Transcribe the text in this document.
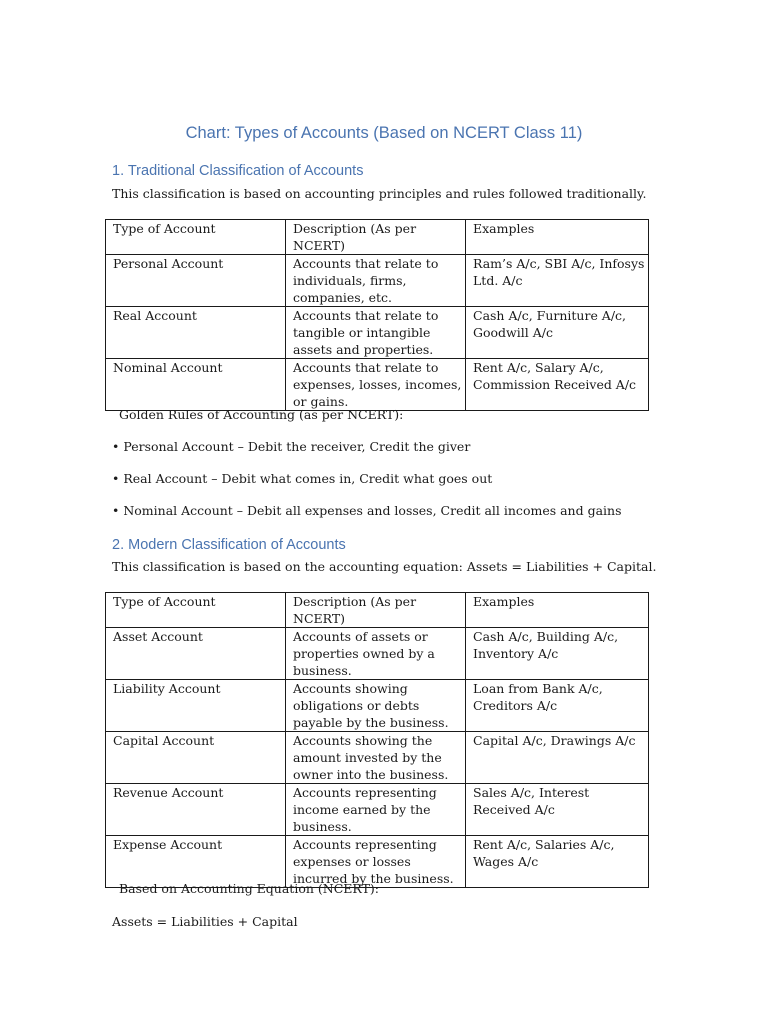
Chart: Types of Accounts (Based on NCERT Class 11)
1. Traditional Classification of Accounts
This classification is based on accounting principles and rules followed traditionally.
Type of Account	Description (As per NCERT)	Examples
Personal Account	Accounts that relate to individuals, firms, companies, etc.	Ram’s A/c, SBI A/c, Infosys Ltd. A/c
Real Account	Accounts that relate to tangible or intangible assets and properties.	Cash A/c, Furniture A/c, Goodwill A/c
Nominal Account	Accounts that relate to expenses, losses, incomes, or gains.	Rent A/c, Salary A/c, Commission Received A/c
Golden Rules of Accounting (as per NCERT):
• Personal Account – Debit the receiver, Credit the giver
• Real Account – Debit what comes in, Credit what goes out
• Nominal Account – Debit all expenses and losses, Credit all incomes and gains
2. Modern Classification of Accounts
This classification is based on the accounting equation: Assets = Liabilities + Capital.
Type of Account	Description (As per NCERT)	Examples
Asset Account	Accounts of assets or properties owned by a business.	Cash A/c, Building A/c, Inventory A/c
Liability Account	Accounts showing obligations or debts payable by the business.	Loan from Bank A/c, Creditors A/c
Capital Account	Accounts showing the amount invested by the owner into the business.	Capital A/c, Drawings A/c
Revenue Account	Accounts representing income earned by the business.	Sales A/c, Interest Received A/c
Expense Account	Accounts representing expenses or losses incurred by the business.	Rent A/c, Salaries A/c, Wages A/c
Based on Accounting Equation (NCERT):
Assets = Liabilities + Capital
